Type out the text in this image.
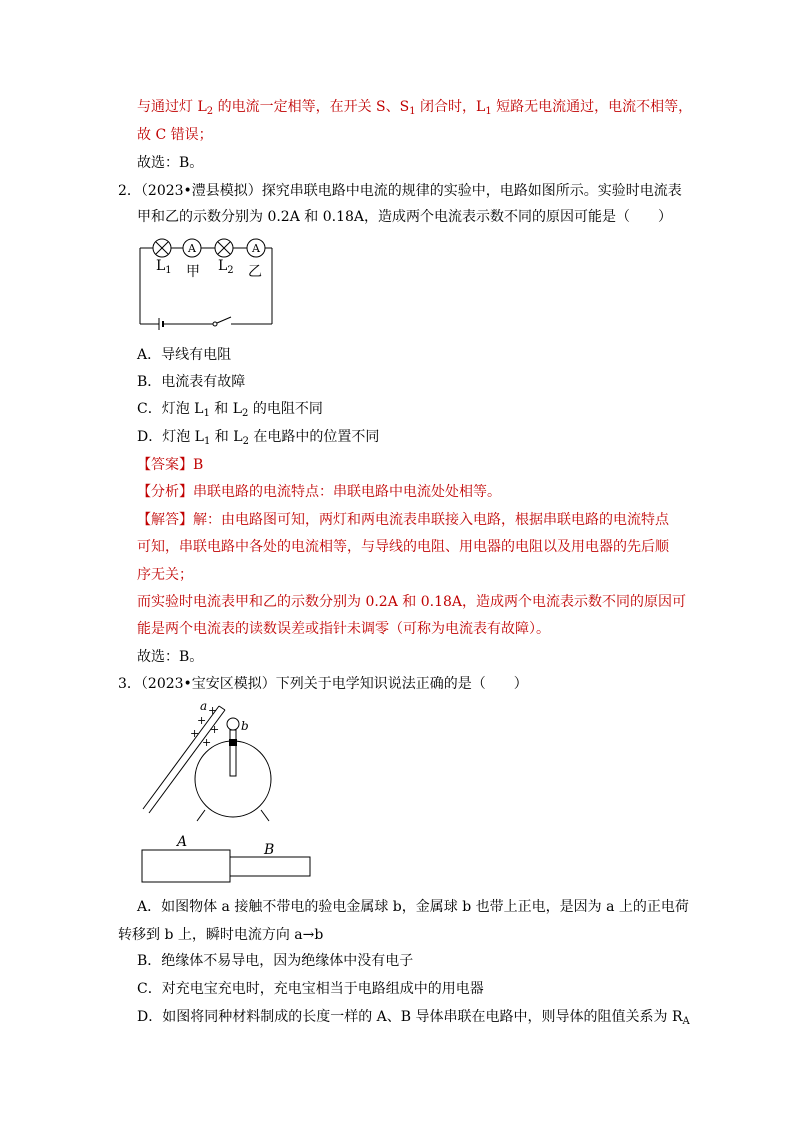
与通过灯 $L_2$ 的电流一定相等，在开关 S、$S_1$ 闭合时，$L_1$ 短路无电流通过，电流不相等，
故 C 错误；
故选：B。
2．（2023•澧县模拟）探究串联电路中电流的规律的实验中，电路如图所示。实验时电流表
甲和乙的示数分别为 0.2A 和 0.18A，造成两个电流表示数不同的原因可能是（　　）
A	A
$L_1$ 甲 $L_2$ 乙
A．导线有电阻
B．电流表有故障
C．灯泡 $L_1$ 和 $L_2$ 的电阻不同
D．灯泡 $L_1$ 和 $L_2$ 在电路中的位置不同
【答案】B
【分析】串联电路的电流特点：串联电路中电流处处相等。
【解答】解：由电路图可知，两灯和两电流表串联接入电路，根据串联电路的电流特点
可知，串联电路中各处的电流相等，与导线的电阻、用电器的电阻以及用电器的先后顺
序无关；
而实验时电流表甲和乙的示数分别为 0.2A 和 0.18A，造成两个电流表示数不同的原因可
能是两个电流表的读数误差或指针未调零（可称为电流表有故障）。
故选：B。
3．（2023•宝安区模拟）下列关于电学知识说法正确的是（　　）
a
b
+
+
+
+
+
A	B
A．如图物体 a 接触不带电的验电金属球 b，金属球 b 也带上正电，是因为 a 上的正电荷
转移到 b 上，瞬时电流方向 a→b
B．绝缘体不易导电，因为绝缘体中没有电子
C．对充电宝充电时，充电宝相当于电路组成中的用电器
D．如图将同种材料制成的长度一样的 A、B 导体串联在电路中，则导体的阻值关系为 $R_A$
